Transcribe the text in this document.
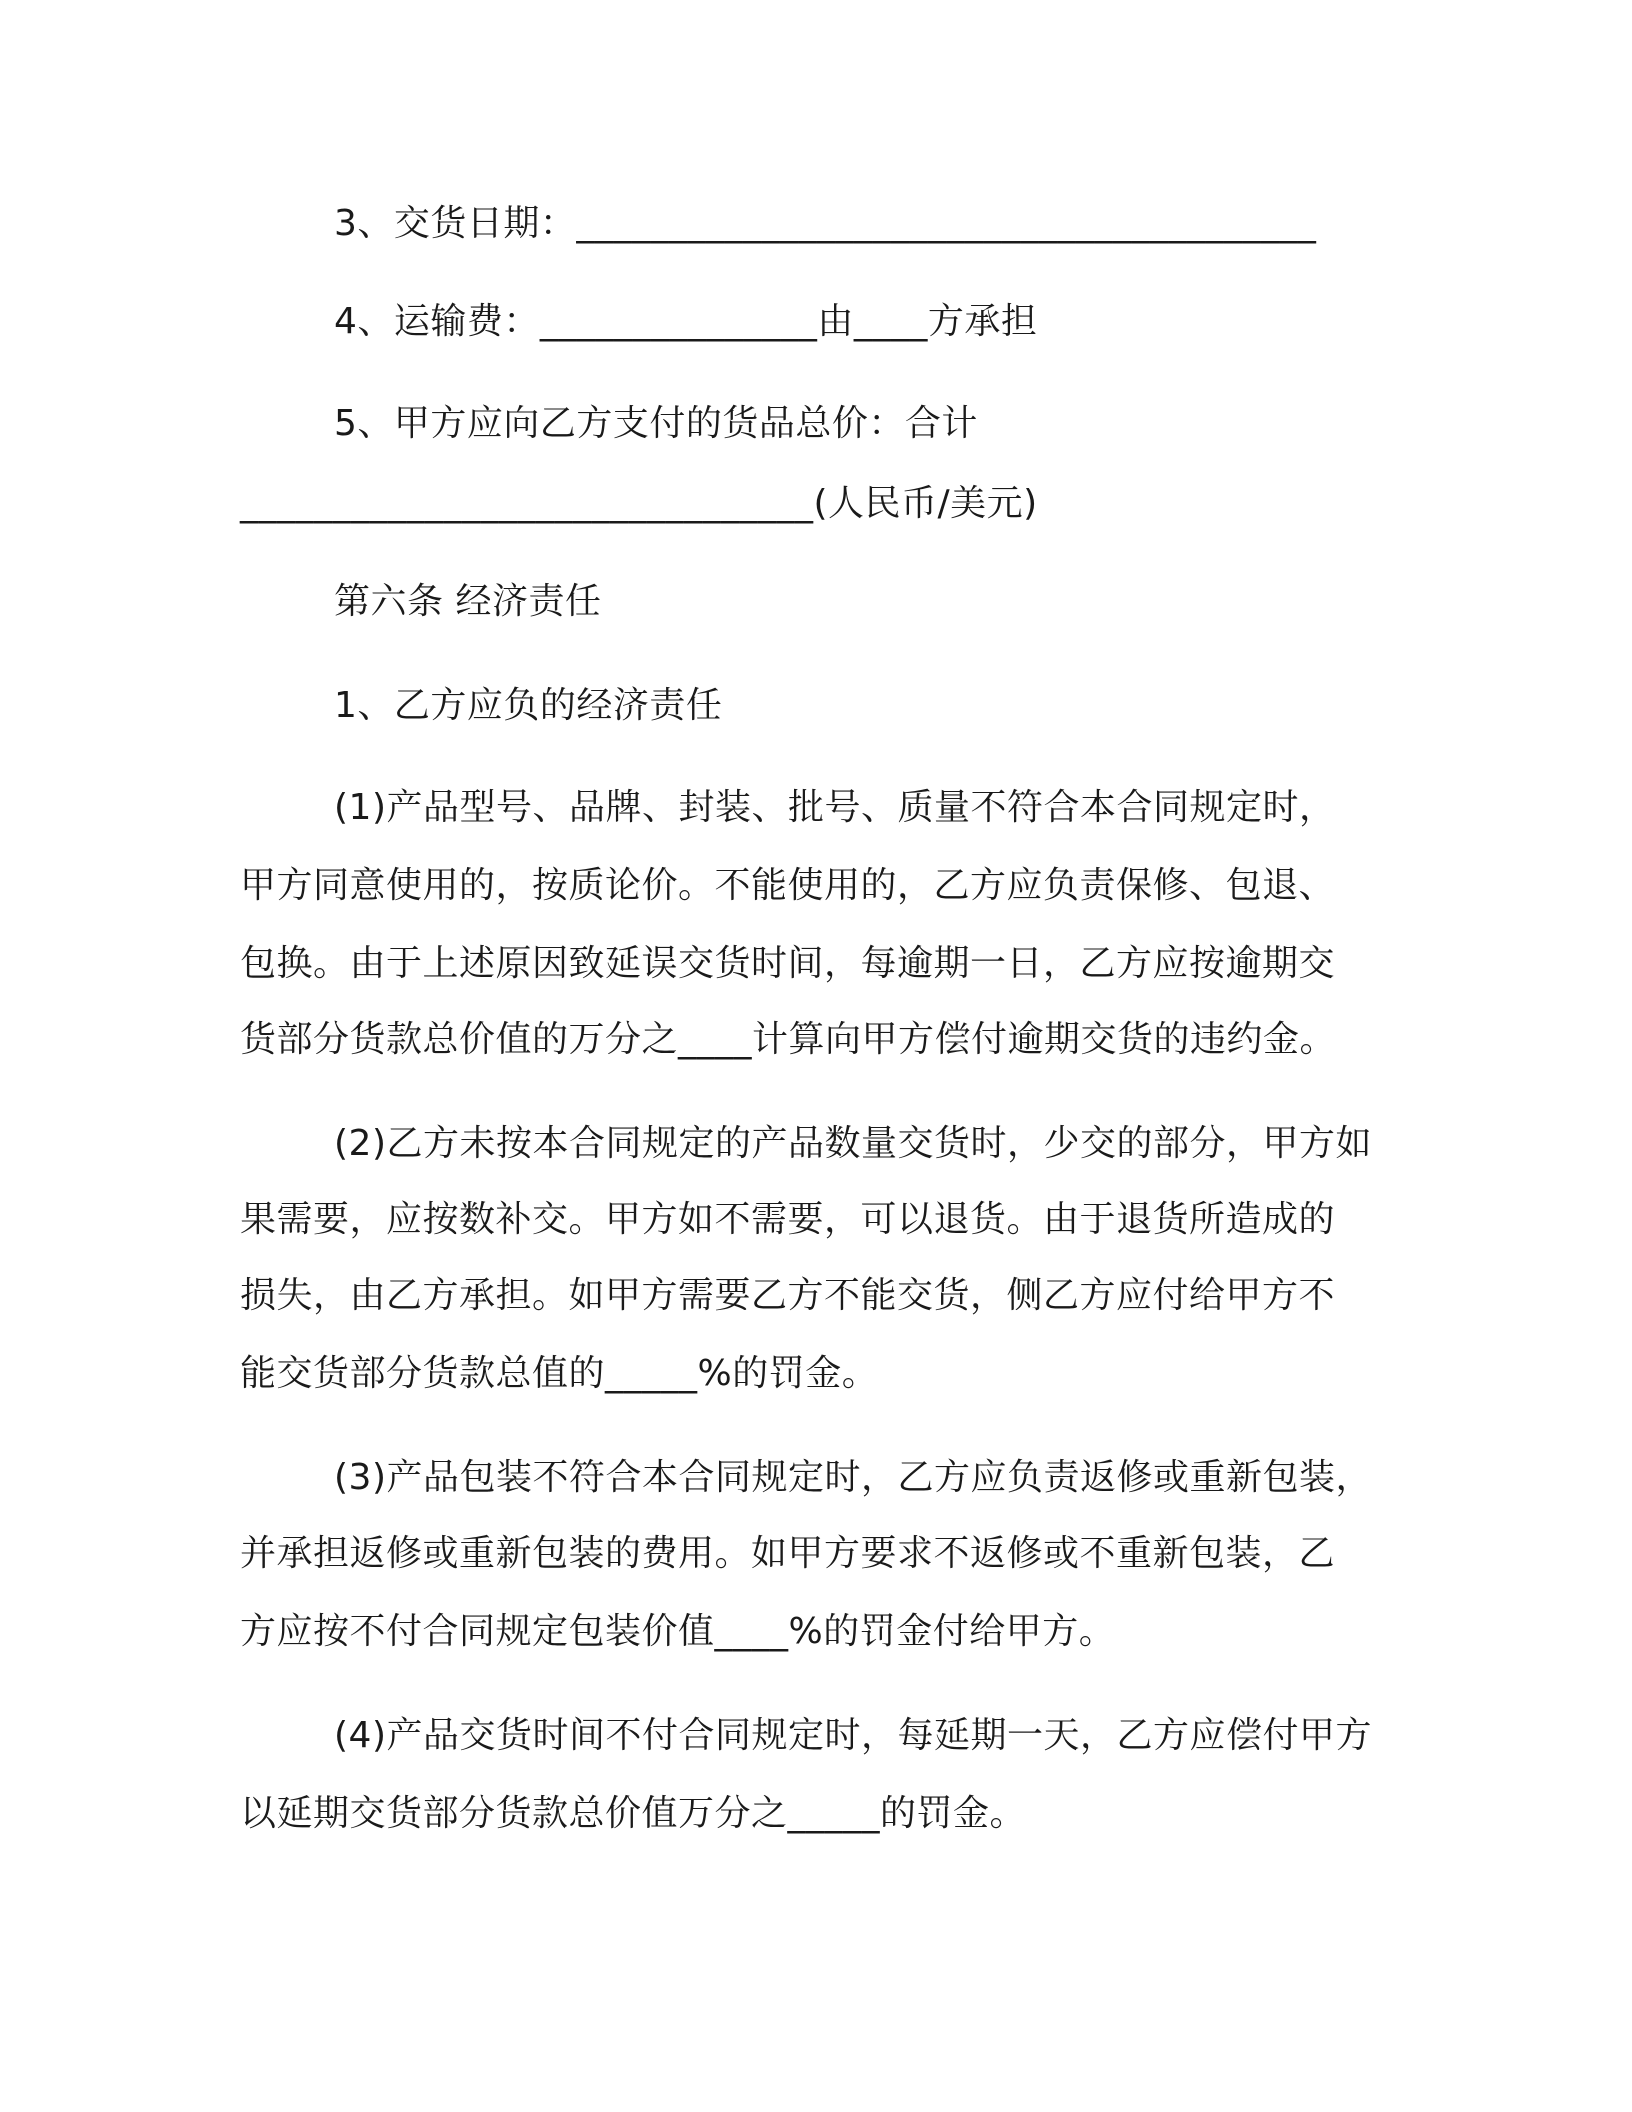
3、交货日期：________________________________________
4、运输费：_______________由____方承担
5、甲方应向乙方支付的货品总价：合计
_______________________________(人民币/美元)
第六条 经济责任
1、乙方应负的经济责任
(1)产品型号、品牌、封装、批号、质量不符合本合同规定时，
甲方同意使用的，按质论价。不能使用的，乙方应负责保修、包退、
包换。由于上述原因致延误交货时间，每逾期一日，乙方应按逾期交
货部分货款总价值的万分之____计算向甲方偿付逾期交货的违约金。
(2)乙方未按本合同规定的产品数量交货时，少交的部分，甲方如
果需要，应按数补交。甲方如不需要，可以退货。由于退货所造成的
损失，由乙方承担。如甲方需要乙方不能交货，侧乙方应付给甲方不
能交货部分货款总值的_____%的罚金。
(3)产品包装不符合本合同规定时，乙方应负责返修或重新包装，
并承担返修或重新包装的费用。如甲方要求不返修或不重新包装，乙
方应按不付合同规定包装价值____%的罚金付给甲方。
(4)产品交货时间不付合同规定时，每延期一天，乙方应偿付甲方
以延期交货部分货款总价值万分之_____的罚金。
